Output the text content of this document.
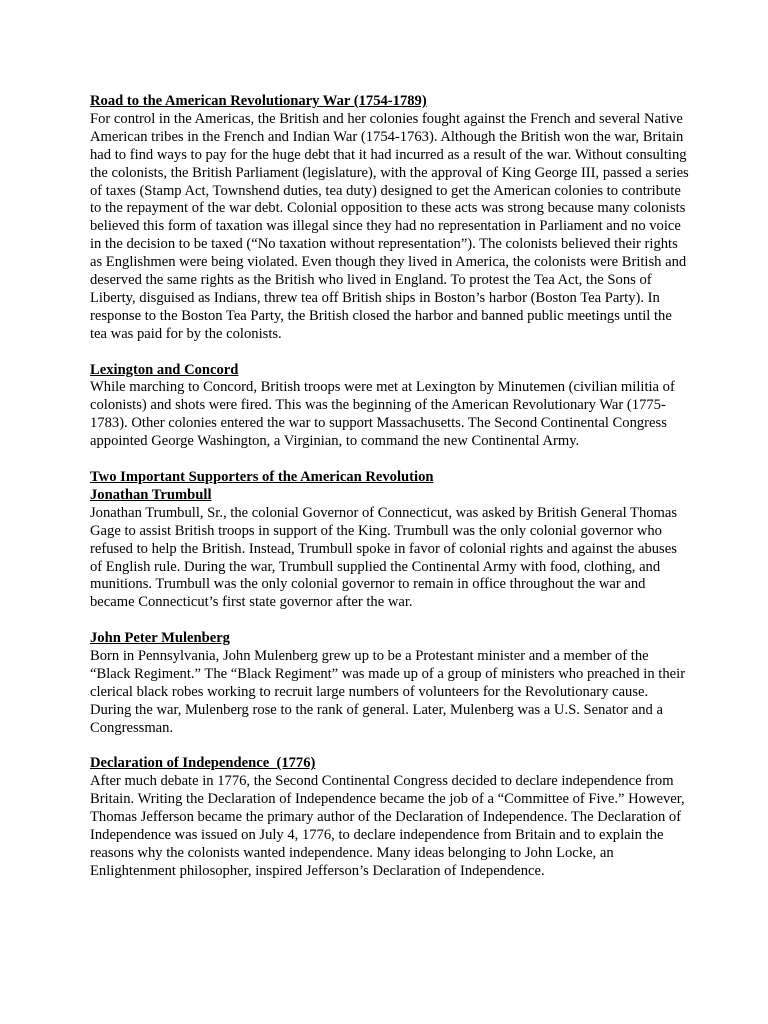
Road to the American Revolutionary War (1754-1789)

For control in the Americas, the British and her colonies fought against the French and several Native American tribes in the French and Indian War (1754-1763). Although the British won the war, Britain had to find ways to pay for the huge debt that it had incurred as a result of the war. Without consulting the colonists, the British Parliament (legislature), with the approval of King George III, passed a series of taxes (Stamp Act, Townshend duties, tea duty) designed to get the American colonies to contribute to the repayment of the war debt. Colonial opposition to these acts was strong because many colonists believed this form of taxation was illegal since they had no representation in Parliament and no voice in the decision to be taxed (“No taxation without representation”). The colonists believed their rights as Englishmen were being violated. Even though they lived in America, the colonists were British and deserved the same rights as the British who lived in England. To protest the Tea Act, the Sons of Liberty, disguised as Indians, threw tea off British ships in Boston’s harbor (Boston Tea Party). In response to the Boston Tea Party, the British closed the harbor and banned public meetings until the tea was paid for by the colonists.

Lexington and Concord

While marching to Concord, British troops were met at Lexington by Minutemen (civilian militia of colonists) and shots were fired. This was the beginning of the American Revolutionary War (1775-1783). Other colonies entered the war to support Massachusetts. The Second Continental Congress appointed George Washington, a Virginian, to command the new Continental Army.

Two Important Supporters of the American Revolution

Jonathan Trumbull

Jonathan Trumbull, Sr., the colonial Governor of Connecticut, was asked by British General Thomas Gage to assist British troops in support of the King. Trumbull was the only colonial governor who refused to help the British. Instead, Trumbull spoke in favor of colonial rights and against the abuses of English rule. During the war, Trumbull supplied the Continental Army with food, clothing, and munitions. Trumbull was the only colonial governor to remain in office throughout the war and became Connecticut’s first state governor after the war.

John Peter Mulenberg

Born in Pennsylvania, John Mulenberg grew up to be a Protestant minister and a member of the “Black Regiment.” The “Black Regiment” was made up of a group of ministers who preached in their clerical black robes working to recruit large numbers of volunteers for the Revolutionary cause. During the war, Mulenberg rose to the rank of general. Later, Mulenberg was a U.S. Senator and a Congressman.

Declaration of Independence  (1776)

After much debate in 1776, the Second Continental Congress decided to declare independence from Britain. Writing the Declaration of Independence became the job of a “Committee of Five.” However, Thomas Jefferson became the primary author of the Declaration of Independence. The Declaration of Independence was issued on July 4, 1776, to declare independence from Britain and to explain the reasons why the colonists wanted independence. Many ideas belonging to John Locke, an Enlightenment philosopher, inspired Jefferson’s Declaration of Independence.
